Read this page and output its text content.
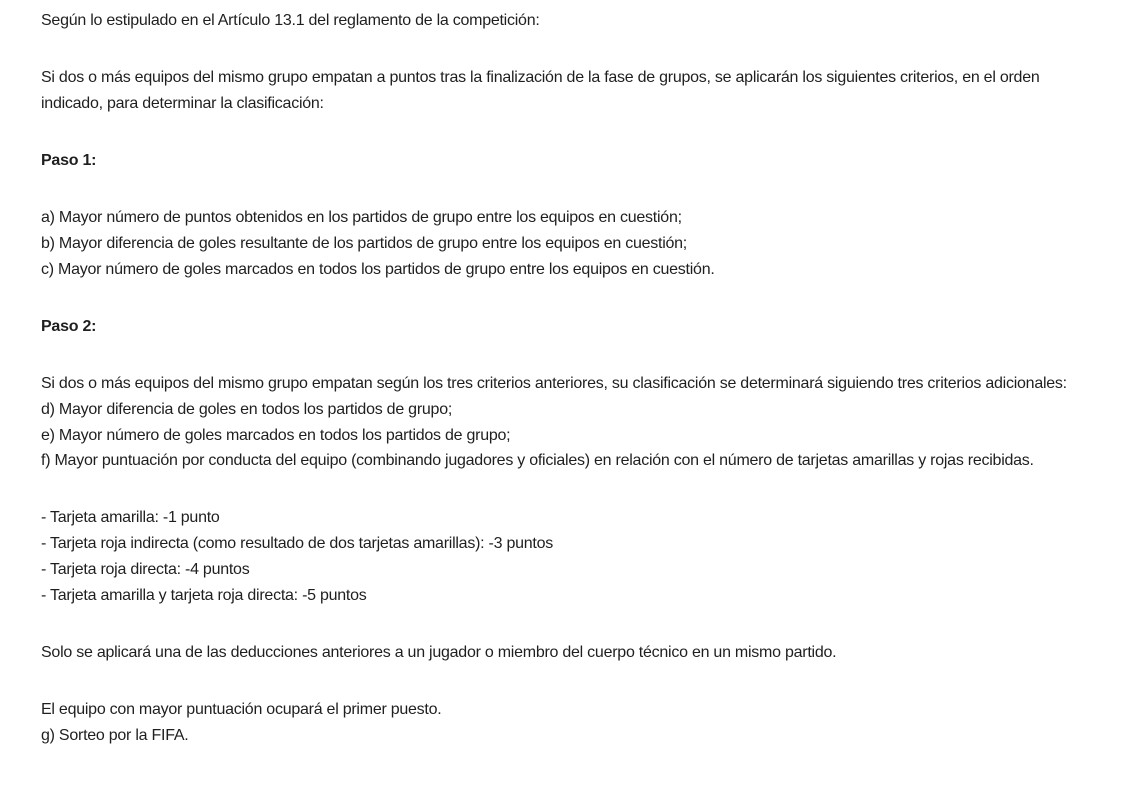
Según lo estipulado en el Artículo 13.1 del reglamento de la competición:
Si dos o más equipos del mismo grupo empatan a puntos tras la finalización de la fase de grupos, se aplicarán los siguientes criterios, en el orden indicado, para determinar la clasificación:
Paso 1:
a) Mayor número de puntos obtenidos en los partidos de grupo entre los equipos en cuestión;
b) Mayor diferencia de goles resultante de los partidos de grupo entre los equipos en cuestión;
c) Mayor número de goles marcados en todos los partidos de grupo entre los equipos en cuestión.
Paso 2:
Si dos o más equipos del mismo grupo empatan según los tres criterios anteriores, su clasificación se determinará siguiendo tres criterios adicionales:
d) Mayor diferencia de goles en todos los partidos de grupo;
e) Mayor número de goles marcados en todos los partidos de grupo;
f) Mayor puntuación por conducta del equipo (combinando jugadores y oficiales) en relación con el número de tarjetas amarillas y rojas recibidas.
- Tarjeta amarilla: -1 punto
- Tarjeta roja indirecta (como resultado de dos tarjetas amarillas): -3 puntos
- Tarjeta roja directa: -4 puntos
- Tarjeta amarilla y tarjeta roja directa: -5 puntos
Solo se aplicará una de las deducciones anteriores a un jugador o miembro del cuerpo técnico en un mismo partido.
El equipo con mayor puntuación ocupará el primer puesto.
g) Sorteo por la FIFA.
